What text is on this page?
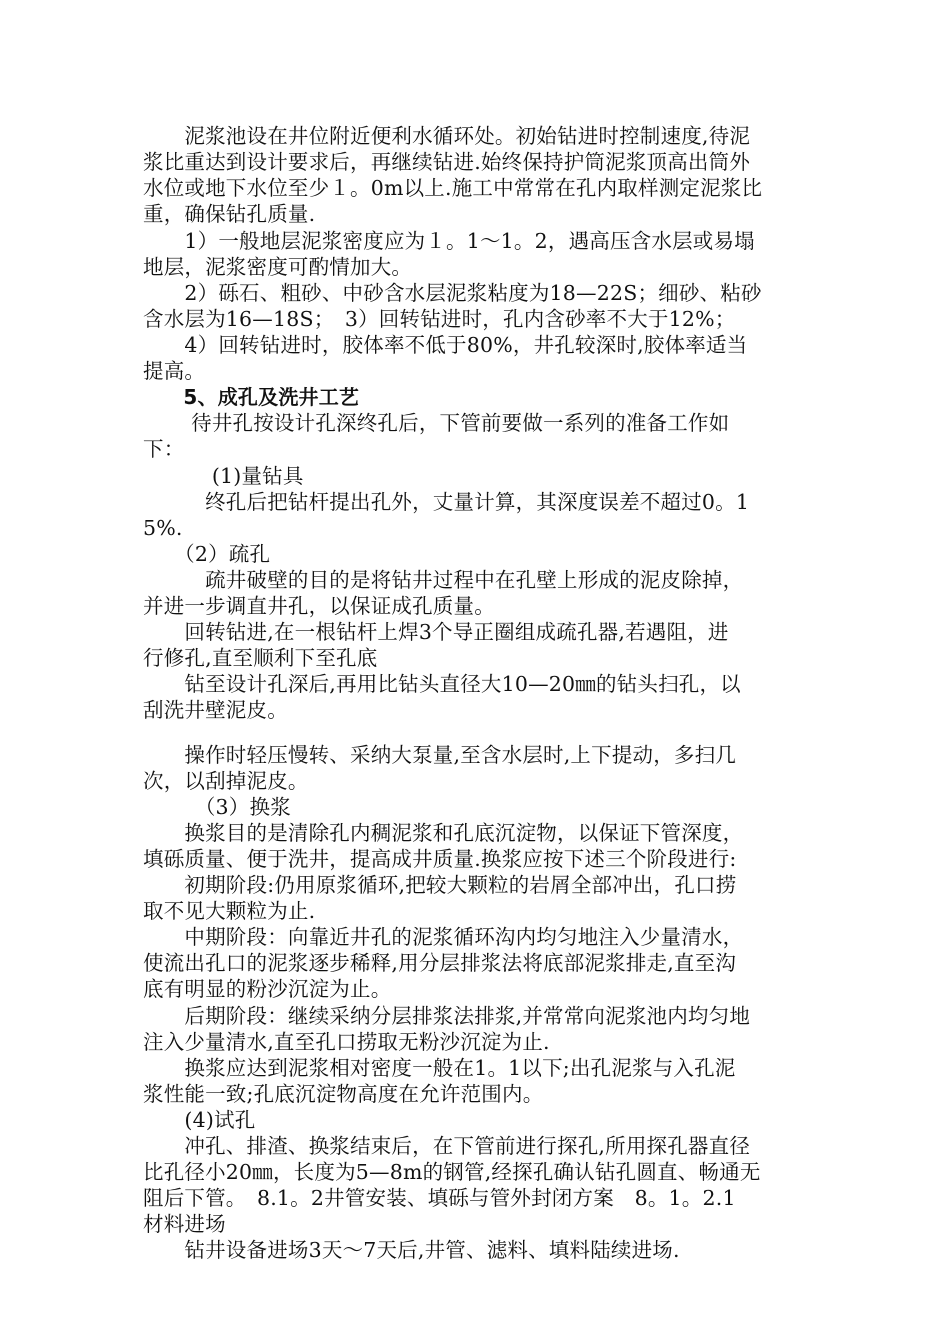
　　泥浆池设在井位附近便利水循环处。初始钻进时控制速度,待泥
浆比重达到设计要求后，再继续钻进.始终保持护筒泥浆顶高出筒外
水位或地下水位至少１。0m以上.施工中常常在孔内取样测定泥浆比
重，确保钻孔质量.
　　1）一般地层泥浆密度应为１。1～1。2，遇高压含水层或易塌
地层，泥浆密度可酌情加大。
　　2）砾石、粗砂、中砂含水层泥浆粘度为18—22S；细砂、粘砂
含水层为16—18S；　3）回转钻进时，孔内含砂率不大于12%；
　　4）回转钻进时，胶体率不低于80%，井孔较深时,胶体率适当
提高。
　　5、成孔及洗井工艺
　　 待井孔按设计孔深终孔后，下管前要做一系列的准备工作如
下：
　　　 (1)量钻具
　　　终孔后把钻杆提出孔外，丈量计算，其深度误差不超过0。1
5%.
　　（2）疏孔
　　　疏井破壁的目的是将钻井过程中在孔壁上形成的泥皮除掉，
并进一步调直井孔，以保证成孔质量。
　　回转钻进,在一根钻杆上焊3个导正圈组成疏孔器,若遇阻，进
行修孔,直至顺利下至孔底
　　钻至设计孔深后,再用比钻头直径大10—20㎜的钻头扫孔，以
刮洗井壁泥皮。
　　操作时轻压慢转、采纳大泵量,至含水层时,上下提动，多扫几
次，以刮掉泥皮。
　　　（3）换浆
　　换浆目的是清除孔内稠泥浆和孔底沉淀物，以保证下管深度，
填砾质量、便于洗井，提高成井质量.换浆应按下述三个阶段进行:
　　初期阶段:仍用原浆循环,把较大颗粒的岩屑全部冲出，孔口捞
取不见大颗粒为止.
　　中期阶段：向靠近井孔的泥浆循环沟内均匀地注入少量清水，
使流出孔口的泥浆逐步稀释,用分层排浆法将底部泥浆排走,直至沟
底有明显的粉沙沉淀为止。
　　后期阶段：继续采纳分层排浆法排浆,并常常向泥浆池内均匀地
注入少量清水,直至孔口捞取无粉沙沉淀为止.
　　换浆应达到泥浆相对密度一般在1。1以下;出孔泥浆与入孔泥
浆性能一致;孔底沉淀物高度在允许范围内。
　　(4)试孔
　　冲孔、排渣、换浆结束后，在下管前进行探孔,所用探孔器直径
比孔径小20㎜，长度为5—8m的钢管,经探孔确认钻孔圆直、畅通无
阻后下管。　8.1。2井管安装、填砾与管外封闭方案　8。1。2.1
材料进场
　　钻井设备进场3天～7天后,井管、滤料、填料陆续进场.
